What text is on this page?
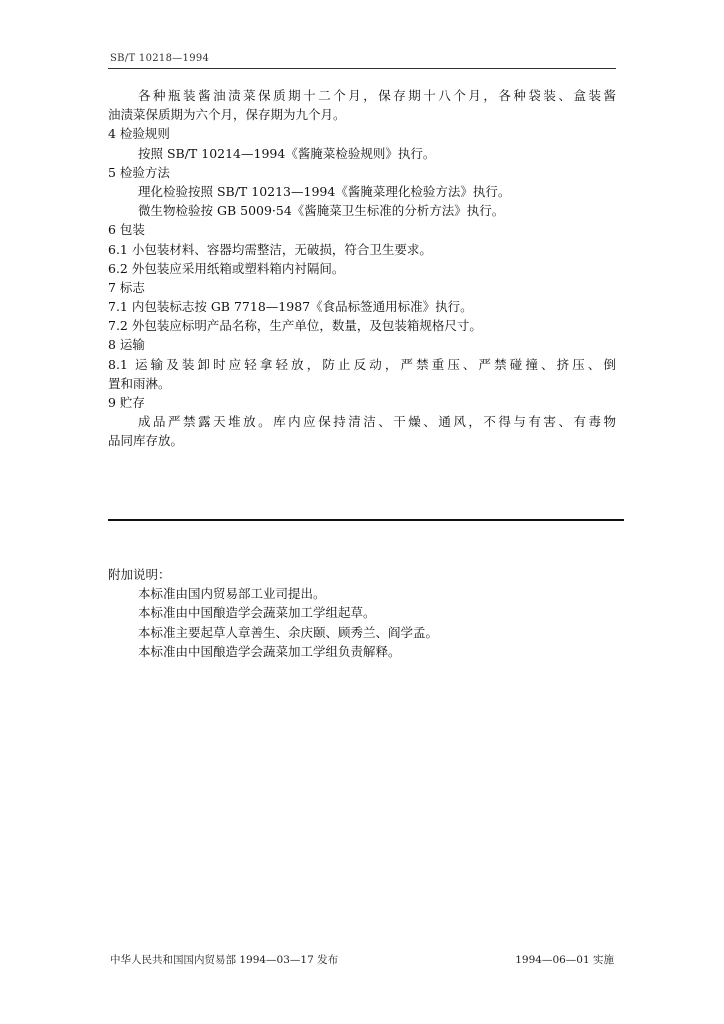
SB/T 10218—1994
各种瓶装酱油渍菜保质期十二个月，保存期十八个月，各种袋装、盒装酱
油渍菜保质期为六个月，保存期为九个月。
4 检验规则
按照 SB/T 10214—1994《酱腌菜检验规则》执行。
5 检验方法
理化检验按照 SB/T 10213—1994《酱腌菜理化检验方法》执行。
微生物检验按 GB 5009·54《酱腌菜卫生标准的分析方法》执行。
6 包装
6.1 小包装材料、容器均需整洁，无破损，符合卫生要求。
6.2 外包装应采用纸箱或塑料箱内衬隔间。
7 标志
7.1 内包装标志按 GB 7718—1987《食品标签通用标准》执行。
7.2 外包装应标明产品名称，生产单位，数量，及包装箱规格尺寸。
8 运输
8.1 运输及装卸时应轻拿轻放，防止反动，严禁重压、严禁碰撞、挤压、倒
置和雨淋。
9 贮存
成品严禁露天堆放。库内应保持清洁、干燥、通风，不得与有害、有毒物
品同库存放。
附加说明：
本标准由国内贸易部工业司提出。
本标准由中国酿造学会蔬菜加工学组起草。
本标准主要起草人章善生、余庆颐、顾秀兰、阎学孟。
本标准由中国酿造学会蔬菜加工学组负责解释。
中华人民共和国国内贸易部 1994—03—17 发布	1994—06—01 实施
